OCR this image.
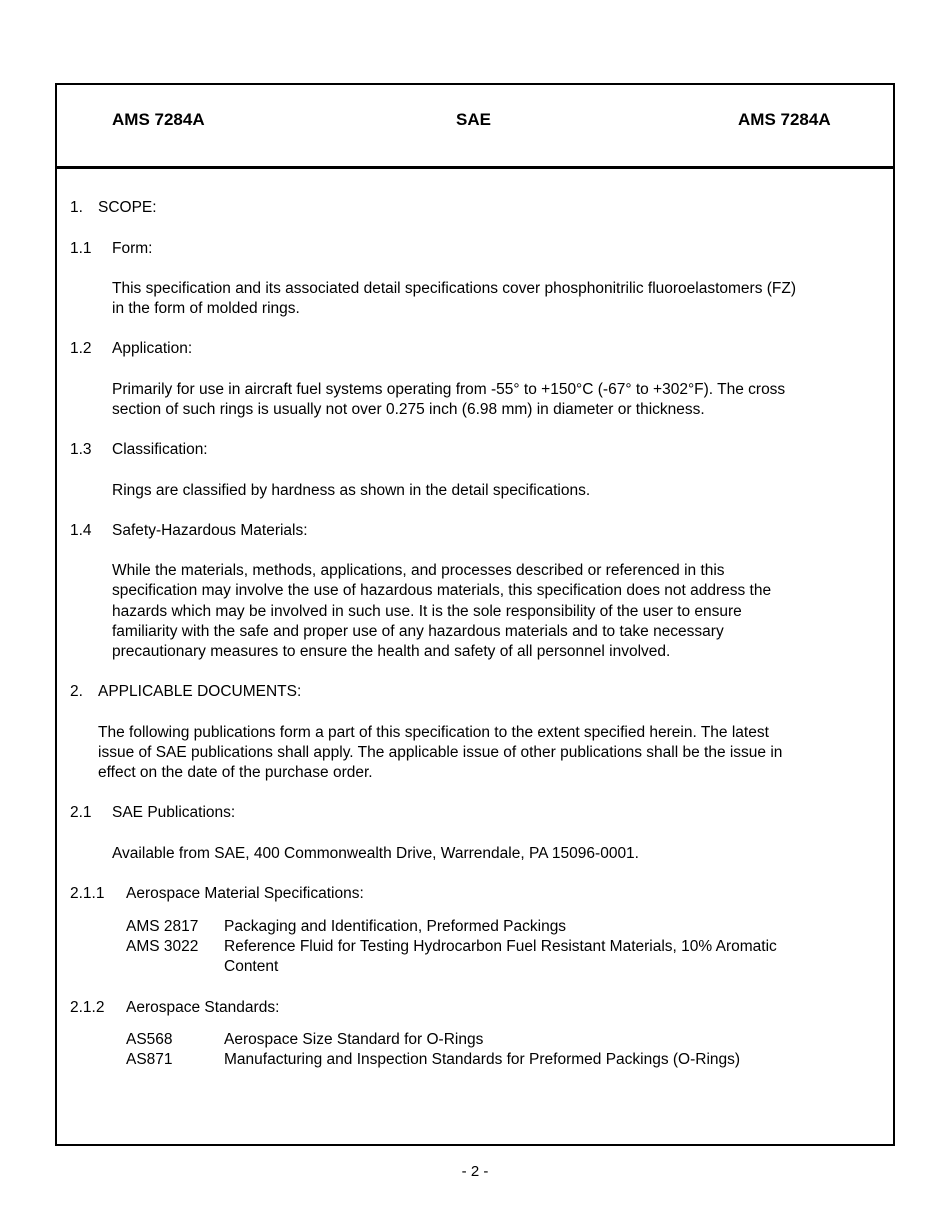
AMS 7284A	SAE	AMS 7284A
1. SCOPE:
1.1 Form:
This specification and its associated detail specifications cover phosphonitrilic fluoroelastomers (FZ)
in the form of molded rings.
1.2 Application:
Primarily for use in aircraft fuel systems operating from -55° to +150°C (-67° to +302°F). The cross
section of such rings is usually not over 0.275 inch (6.98 mm) in diameter or thickness.
1.3 Classification:
Rings are classified by hardness as shown in the detail specifications.
1.4 Safety-Hazardous Materials:
While the materials, methods, applications, and processes described or referenced in this
specification may involve the use of hazardous materials, this specification does not address the
hazards which may be involved in such use. It is the sole responsibility of the user to ensure
familiarity with the safe and proper use of any hazardous materials and to take necessary
precautionary measures to ensure the health and safety of all personnel involved.
2. APPLICABLE DOCUMENTS:
The following publications form a part of this specification to the extent specified herein. The latest
issue of SAE publications shall apply. The applicable issue of other publications shall be the issue in
effect on the date of the purchase order.
2.1 SAE Publications:
Available from SAE, 400 Commonwealth Drive, Warrendale, PA 15096-0001.
2.1.1 Aerospace Material Specifications:
AMS 2817 Packaging and Identification, Preformed Packings
AMS 3022 Reference Fluid for Testing Hydrocarbon Fuel Resistant Materials, 10% Aromatic
Content
2.1.2 Aerospace Standards:
AS568	Aerospace Size Standard for O-Rings
AS871	Manufacturing and Inspection Standards for Preformed Packings (O-Rings)
- 2 -
